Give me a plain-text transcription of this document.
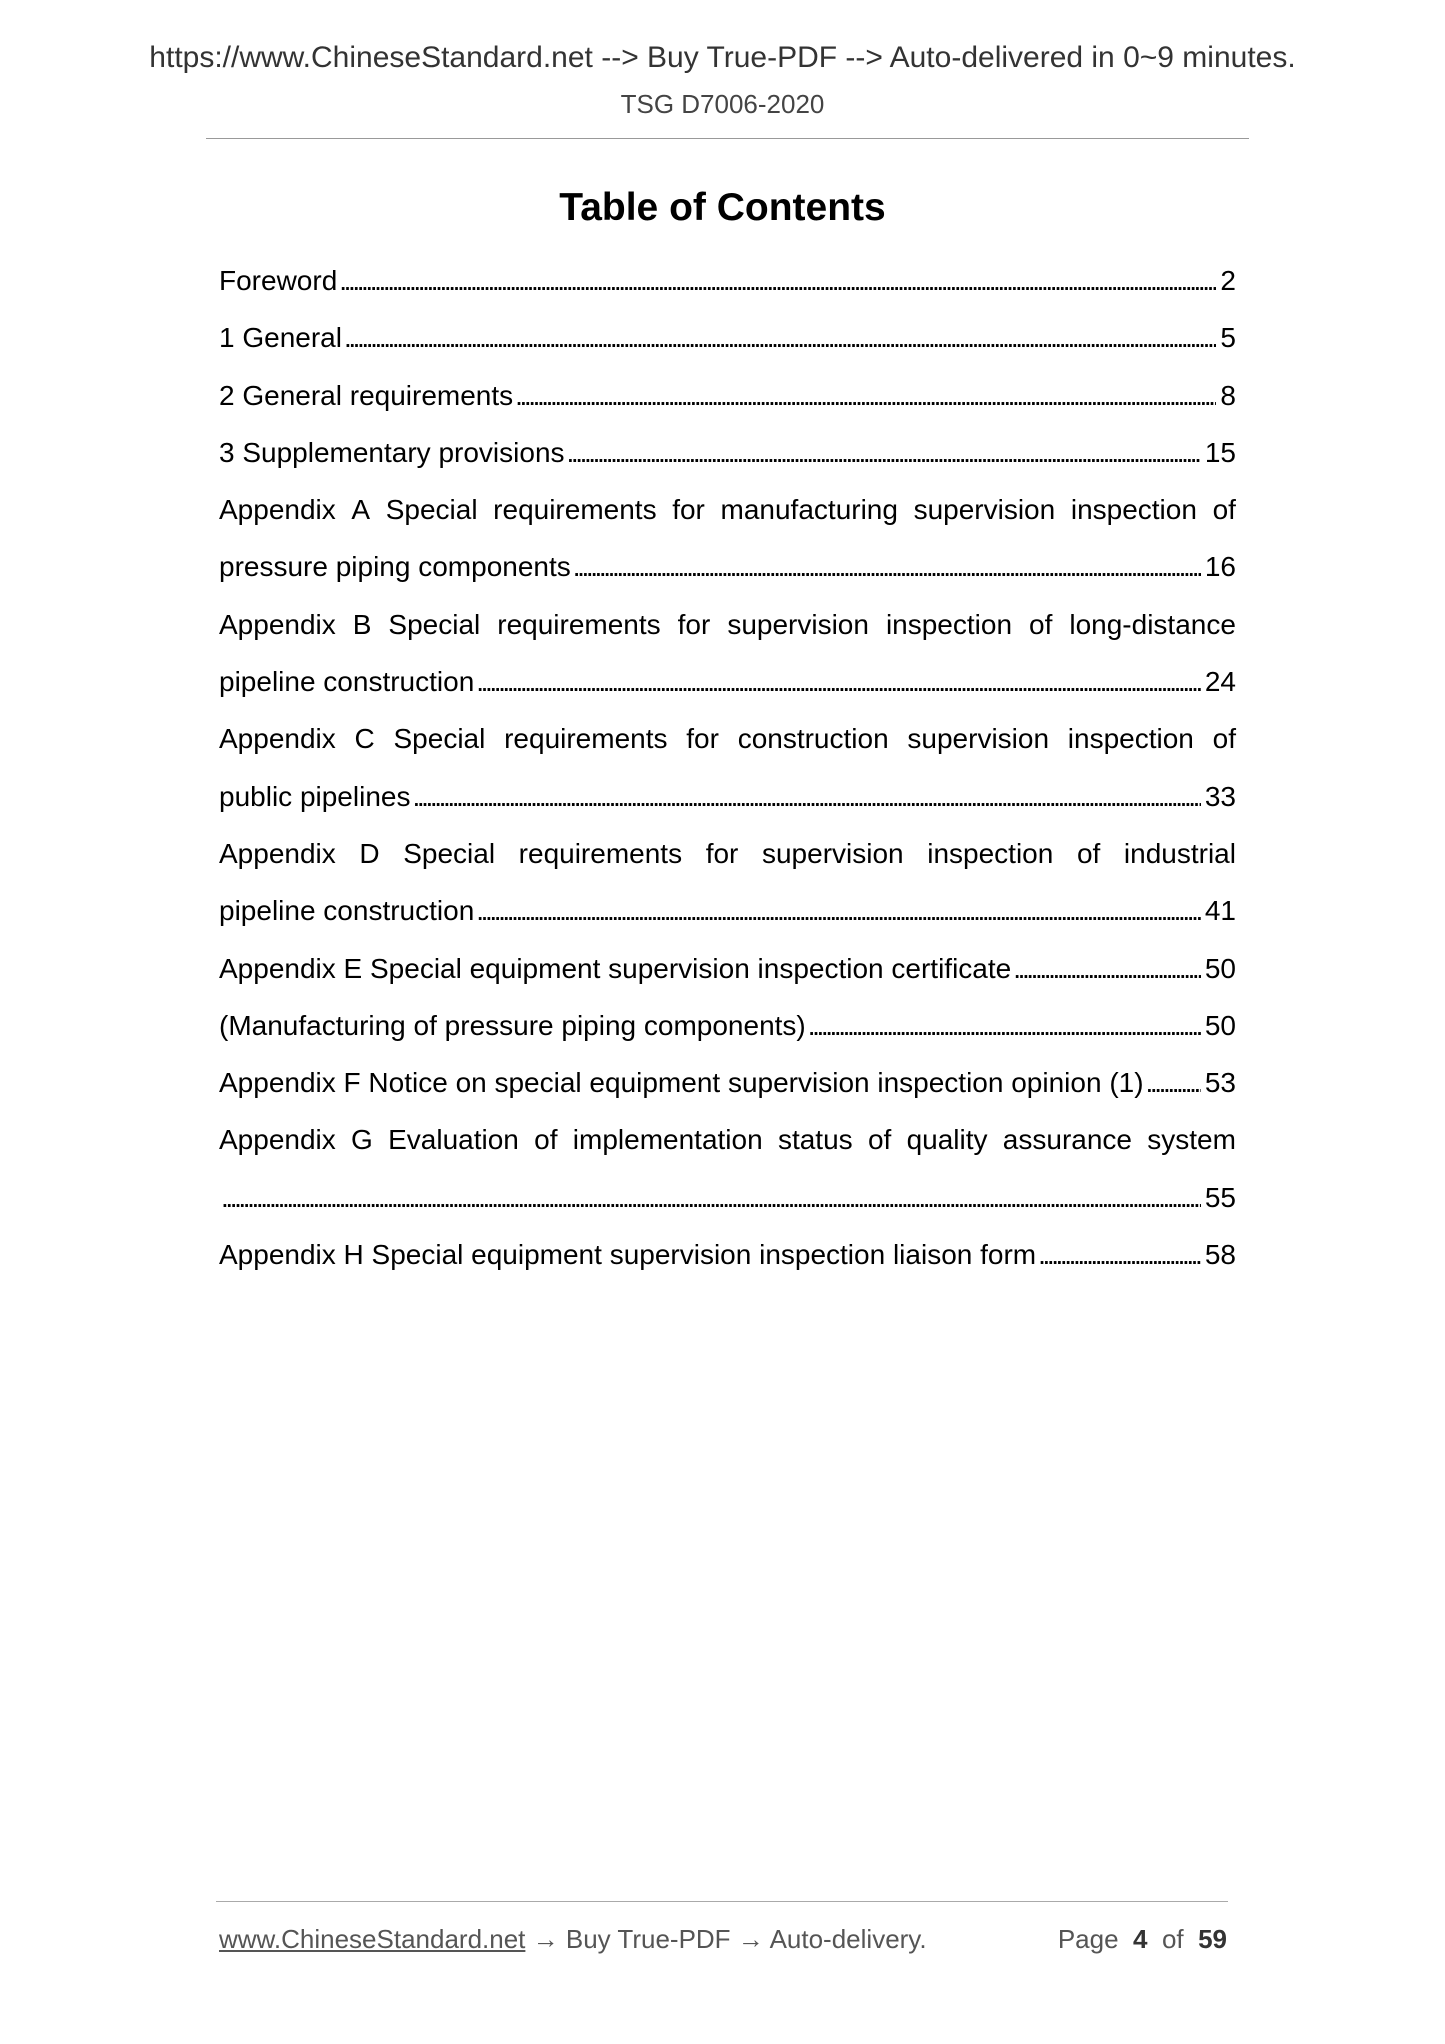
https://www.ChineseStandard.net --> Buy True-PDF --> Auto-delivered in 0~9 minutes.
TSG D7006-2020
Table of Contents
Foreword . . .	2
1 General . . .	5
2 General requirements . . .	8
3 Supplementary provisions . . .	15
Appendix A Special requirements for manufacturing supervision inspection of
pressure piping components . . .	16
Appendix B Special requirements for supervision inspection of long-distance
pipeline construction . . .	24
Appendix C Special requirements for construction supervision inspection of
public pipelines . . .	33
Appendix D Special requirements for supervision inspection of industrial
pipeline construction . . .	41
Appendix E Special equipment supervision inspection certificate . . .	50
(Manufacturing of pressure piping components) . . .	50
Appendix F Notice on special equipment supervision inspection opinion (1) . . . 53
Appendix G Evaluation of implementation status of quality assurance system
. . .
55
Appendix H Special equipment supervision inspection liaison form . . .	58
www.ChineseStandard.net → Buy True-PDF → Auto-delivery.	Page 4 of 59
